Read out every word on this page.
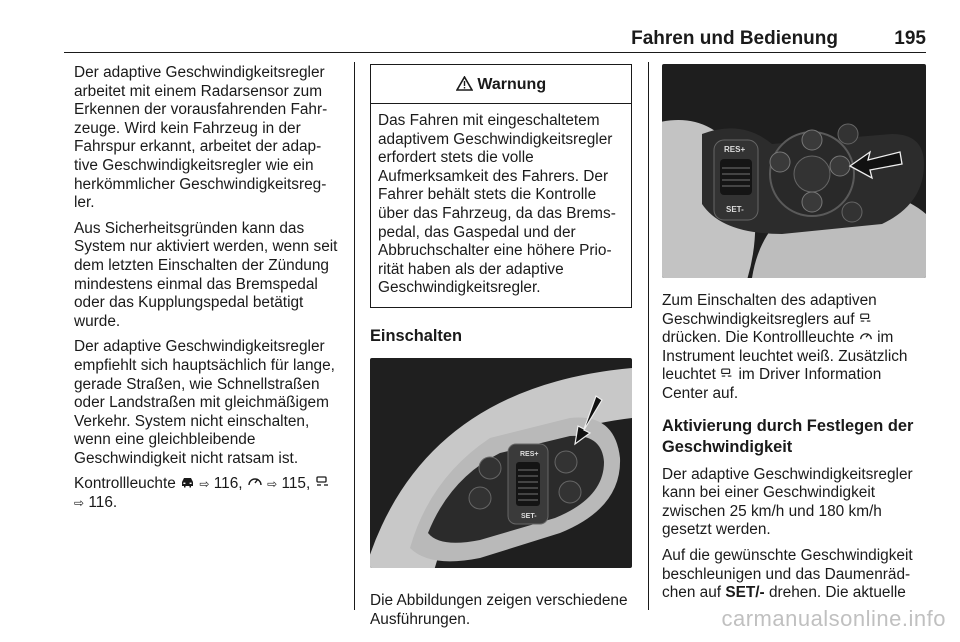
Fahren und Bedienung	195

Der adaptive Geschwindigkeitsregler arbeitet mit einem Radarsensor zum Erkennen der vorausfahrenden Fahrzeuge. Wird kein Fahrzeug in der Fahrspur erkannt, arbeitet der adaptive Geschwindigkeitsregler wie ein herkömmlicher Geschwindigkeitsregler.

Aus Sicherheitsgründen kann das System nur aktiviert werden, wenn seit dem letzten Einschalten der Zündung mindestens einmal das Bremspedal oder das Kupplungspedal betätigt wurde.

Der adaptive Geschwindigkeitsregler empfiehlt sich hauptsächlich für lange, gerade Straßen, wie Schnellstraßen oder Landstraßen mit gleichmäßigem Verkehr. System nicht einschalten, wenn eine gleichbleibende Geschwindigkeit nicht ratsam ist.

Kontrollleuchte ⇨ 116, ⇨ 115,
⇨ 116.

Warnung
Das Fahren mit eingeschaltetem adaptivem Geschwindigkeitsregler erfordert stets die volle Aufmerksamkeit des Fahrers. Der Fahrer behält stets die Kontrolle über das Fahrzeug, da das Bremspedal, das Gaspedal und der Abbruchschalter eine höhere Priorität haben als der adaptive Geschwindigkeitsregler.
Einschalten
RES+
SET-

Die Abbildungen zeigen verschiedene Ausführungen.

RES+
SET-

Zum Einschalten des adaptiven Geschwindigkeitsreglers auf  drücken. Die Kontrollleuchte im Instrument leuchtet weiß. Zusätzlich leuchtet im Driver Information Center auf.

Aktivierung durch Festlegen der Geschwindigkeit

Der adaptive Geschwindigkeitsregler kann bei einer Geschwindigkeit zwischen 25 km/h und 180 km/h gesetzt werden.

Auf die gewünschte Geschwindigkeit beschleunigen und das Daumenrädchen auf SET/- drehen. Die aktuelle

carmanualsonline.info
